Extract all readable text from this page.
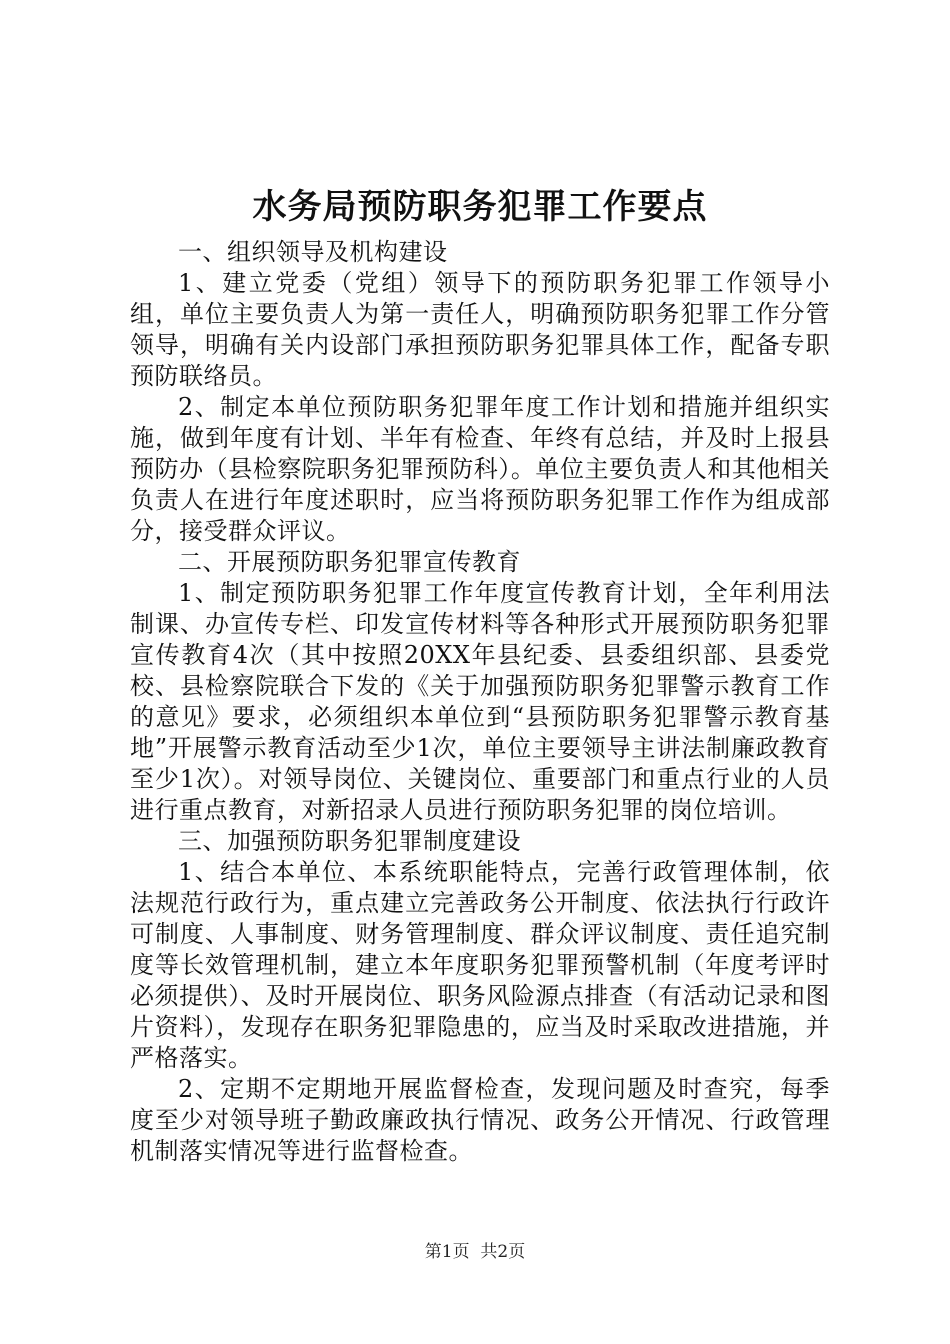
水务局预防职务犯罪工作要点

一、组织领导及机构建设

1、建立党委（党组）领导下的预防职务犯罪工作领导小组，单位主要负责人为第一责任人，明确预防职务犯罪工作分管领导，明确有关内设部门承担预防职务犯罪具体工作，配备专职预防联络员。

2、制定本单位预防职务犯罪年度工作计划和措施并组织实施，做到年度有计划、半年有检查、年终有总结，并及时上报县预防办（县检察院职务犯罪预防科）。单位主要负责人和其他相关负责人在进行年度述职时，应当将预防职务犯罪工作作为组成部分，接受群众评议。

二、开展预防职务犯罪宣传教育

1、制定预防职务犯罪工作年度宣传教育计划，全年利用法制课、办宣传专栏、印发宣传材料等各种形式开展预防职务犯罪宣传教育4次（其中按照20XX年县纪委、县委组织部、县委党校、县检察院联合下发的《关于加强预防职务犯罪警示教育工作的意见》要求，必须组织本单位到“县预防职务犯罪警示教育基地”开展警示教育活动至少1次，单位主要领导主讲法制廉政教育至少1次）。对领导岗位、关键岗位、重要部门和重点行业的人员进行重点教育，对新招录人员进行预防职务犯罪的岗位培训。

三、加强预防职务犯罪制度建设

1、结合本单位、本系统职能特点，完善行政管理体制，依法规范行政行为，重点建立完善政务公开制度、依法执行行政许可制度、人事制度、财务管理制度、群众评议制度、责任追究制度等长效管理机制，建立本年度职务犯罪预警机制（年度考评时必须提供）、及时开展岗位、职务风险源点排查（有活动记录和图片资料），发现存在职务犯罪隐患的，应当及时采取改进措施，并严格落实。

2、定期不定期地开展监督检查，发现问题及时查究，每季度至少对领导班子勤政廉政执行情况、政务公开情况、行政管理机制落实情况等进行监督检查。

第1页  共2页
